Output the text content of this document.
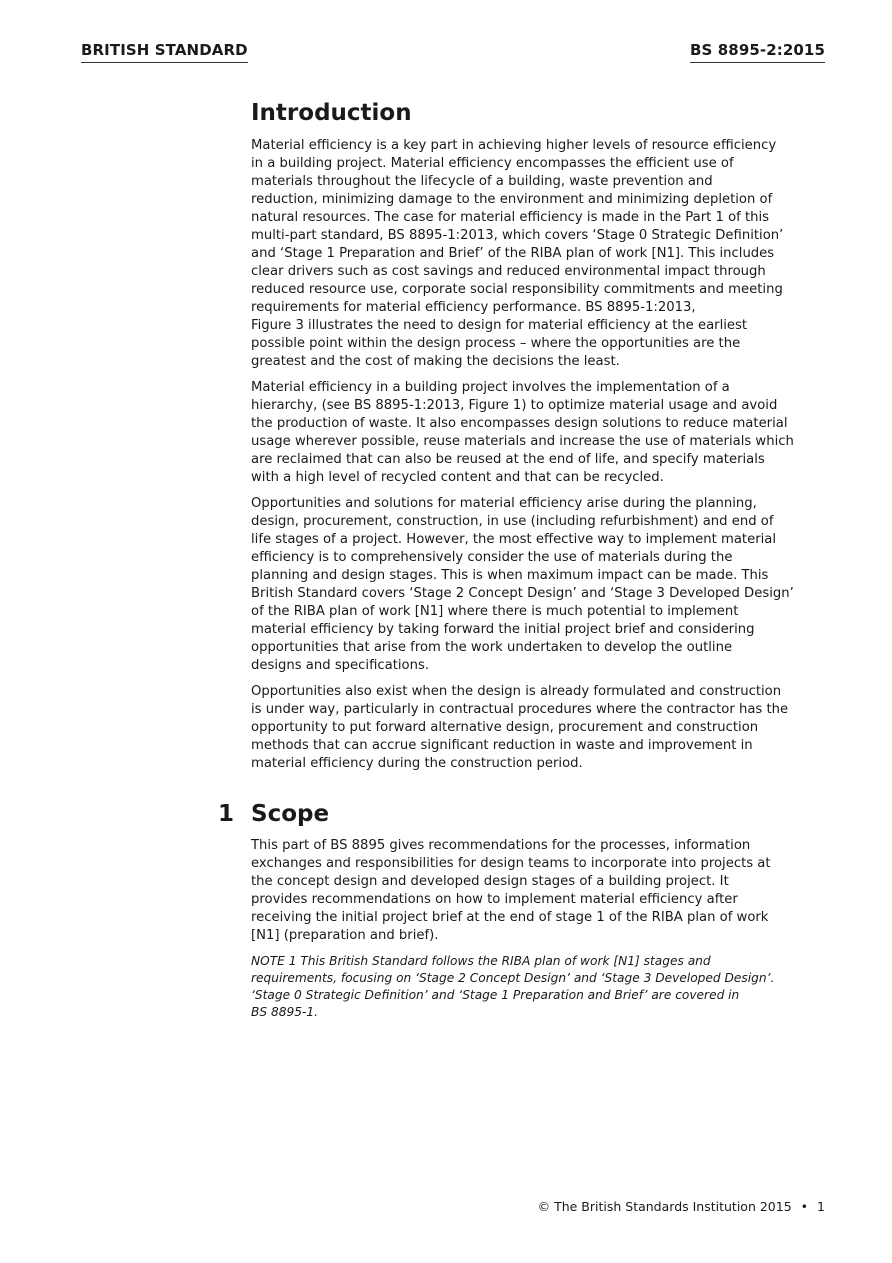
BRITISH STANDARD	BS 8895-2:2015
Introduction

Material efficiency is a key part in achieving higher levels of resource efficiency
in a building project. Material efficiency encompasses the efficient use of
materials throughout the lifecycle of a building, waste prevention and
reduction, minimizing damage to the environment and minimizing depletion of
natural resources. The case for material efficiency is made in the Part 1 of this
multi-part standard, BS 8895-1:2013, which covers ‘Stage 0 Strategic Definition’
and ‘Stage 1 Preparation and Brief’ of the RIBA plan of work [N1]. This includes
clear drivers such as cost savings and reduced environmental impact through
reduced resource use, corporate social responsibility commitments and meeting
requirements for material efficiency performance. BS 8895-1:2013,
Figure 3 illustrates the need to design for material efficiency at the earliest
possible point within the design process – where the opportunities are the
greatest and the cost of making the decisions the least.

Material efficiency in a building project involves the implementation of a
hierarchy, (see BS 8895-1:2013, Figure 1) to optimize material usage and avoid
the production of waste. It also encompasses design solutions to reduce material
usage wherever possible, reuse materials and increase the use of materials which
are reclaimed that can also be reused at the end of life, and specify materials
with a high level of recycled content and that can be recycled.

Opportunities and solutions for material efficiency arise during the planning,
design, procurement, construction, in use (including refurbishment) and end of
life stages of a project. However, the most effective way to implement material
efficiency is to comprehensively consider the use of materials during the
planning and design stages. This is when maximum impact can be made. This
British Standard covers ‘Stage 2 Concept Design’ and ‘Stage 3 Developed Design’
of the RIBA plan of work [N1] where there is much potential to implement
material efficiency by taking forward the initial project brief and considering
opportunities that arise from the work undertaken to develop the outline
designs and specifications.

Opportunities also exist when the design is already formulated and construction
is under way, particularly in contractual procedures where the contractor has the
opportunity to put forward alternative design, procurement and construction
methods that can accrue significant reduction in waste and improvement in
material efficiency during the construction period.

1 Scope

This part of BS 8895 gives recommendations for the processes, information
exchanges and responsibilities for design teams to incorporate into projects at
the concept design and developed design stages of a building project. It
provides recommendations on how to implement material efficiency after
receiving the initial project brief at the end of stage 1 of the RIBA plan of work
[N1] (preparation and brief).

NOTE 1 This British Standard follows the RIBA plan of work [N1] stages and
requirements, focusing on ‘Stage 2 Concept Design’ and ‘Stage 3 Developed Design’.
‘Stage 0 Strategic Definition’ and ‘Stage 1 Preparation and Brief’ are covered in
BS 8895-1.

© The British Standards Institution 2015 • 1
